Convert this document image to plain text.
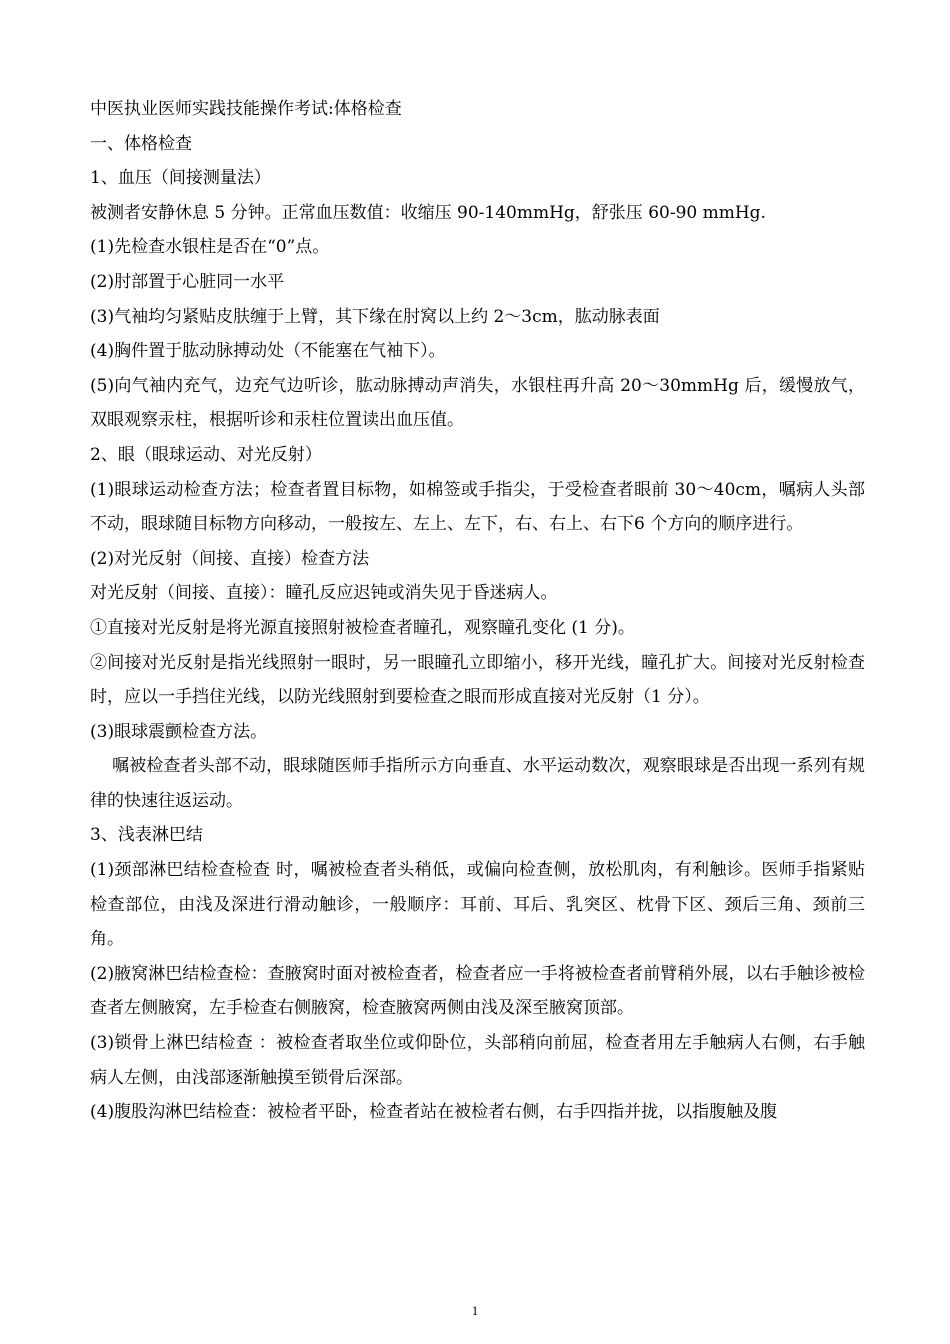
中医执业医师实践技能操作考试:体格检查

一、体格检查

1、血压（间接测量法）

被测者安静休息 5 分钟。正常血压数值：收缩压 90-140mmHg，舒张压 60-90 mmHg.

(1)先检查水银柱是否在“0”点。

(2)肘部置于心脏同一水平

(3)气袖均匀紧贴皮肤缠于上臂，其下缘在肘窝以上约 2～3cm，肱动脉表面

(4)胸件置于肱动脉搏动处（不能塞在气袖下）。

(5)向气袖内充气，边充气边听诊，肱动脉搏动声消失，水银柱再升高 20～30mmHg 后，缓慢放气，双眼观察汞柱，根据听诊和汞柱位置读出血压值。

2、眼（眼球运动、对光反射）

(1)眼球运动检查方法；检查者置目标物，如棉签或手指尖，于受检查者眼前 30～40cm，嘱病人头部不动，眼球随目标物方向移动，一般按左、左上、左下，右、右上、右下6 个方向的顺序进行。

(2)对光反射（间接、直接）检查方法

对光反射（间接、直接）：瞳孔反应迟钝或消失见于昏迷病人。

①直接对光反射是将光源直接照射被检查者瞳孔，观察瞳孔变化 (1 分)。

②间接对光反射是指光线照射一眼时，另一眼瞳孔立即缩小，移开光线，瞳孔扩大。间接对光反射检查时，应以一手挡住光线，以防光线照射到要检查之眼而形成直接对光反射（1 分）。

(3)眼球震颤检查方法。

嘱被检查者头部不动，眼球随医师手指所示方向垂直、水平运动数次，观察眼球是否出现一系列有规律的快速往返运动。

3、浅表淋巴结

(1)颈部淋巴结检查检查 时，嘱被检查者头稍低，或偏向检查侧，放松肌肉，有利触诊。医师手指紧贴检查部位，由浅及深进行滑动触诊，一般顺序：耳前、耳后、乳突区、枕骨下区、颈后三角、颈前三角。

(2)腋窝淋巴结检查检：查腋窝时面对被检查者，检查者应一手将被检查者前臂稍外展，以右手触诊被检查者左侧腋窝，左手检查右侧腋窝，检查腋窝两侧由浅及深至腋窝顶部。

(3)锁骨上淋巴结检查 ：被检查者取坐位或仰卧位，头部稍向前屈，检查者用左手触病人右侧，右手触病人左侧，由浅部逐渐触摸至锁骨后深部。

(4)腹股沟淋巴结检查：被检者平卧，检查者站在被检者右侧，右手四指并拢，以指腹触及腹

1
